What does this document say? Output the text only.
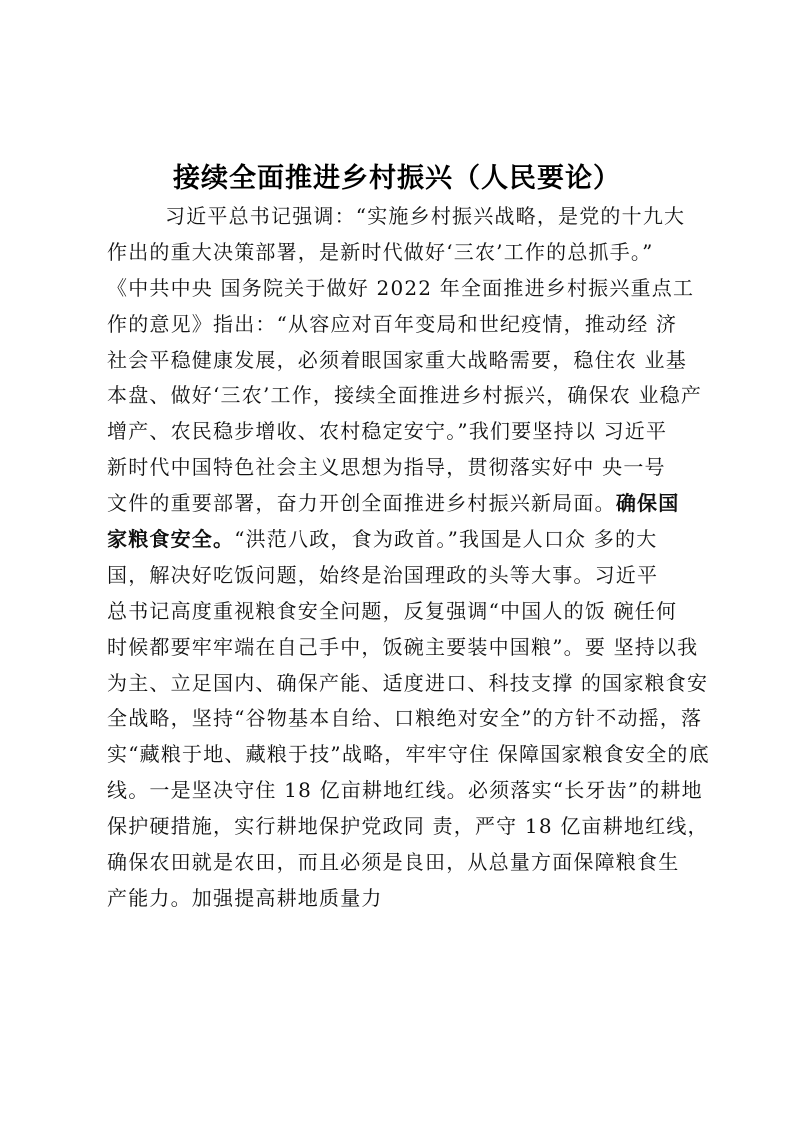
接续全面推进乡村振兴（人民要论）
习近平总书记强调：“实施乡村振兴战略，是党的十九大
作出的重大决策部署，是新时代做好‘三农’工作的总抓手。”
《中共中央 国务院关于做好 2022 年全面推进乡村振兴重点工
作的意见》指出：“从容应对百年变局和世纪疫情，推动经 济
社会平稳健康发展，必须着眼国家重大战略需要，稳住农 业基
本盘、做好‘三农’工作，接续全面推进乡村振兴，确保农 业稳产
增产、农民稳步增收、农村稳定安宁。”我们要坚持以 习近平
新时代中国特色社会主义思想为指导，贯彻落实好中 央一号
文件的重要部署，奋力开创全面推进乡村振兴新局面。确保国
家粮食安全。“洪范八政，食为政首。”我国是人口众 多的大
国，解决好吃饭问题，始终是治国理政的头等大事。习近平
总书记高度重视粮食安全问题，反复强调“中国人的饭 碗任何
时候都要牢牢端在自己手中，饭碗主要装中国粮”。要 坚持以我
为主、立足国内、确保产能、适度进口、科技支撑 的国家粮食安
全战略，坚持“谷物基本自给、口粮绝对安全”的方针不动摇，落
实“藏粮于地、藏粮于技”战略，牢牢守住 保障国家粮食安全的底
线。一是坚决守住 18 亿亩耕地红线。必须落实“长牙齿”的耕地
保护硬措施，实行耕地保护党政同 责，严守 18 亿亩耕地红线，
确保农田就是农田，而且必须是良田，从总量方面保障粮食生
产能力。加强提高耕地质量力
